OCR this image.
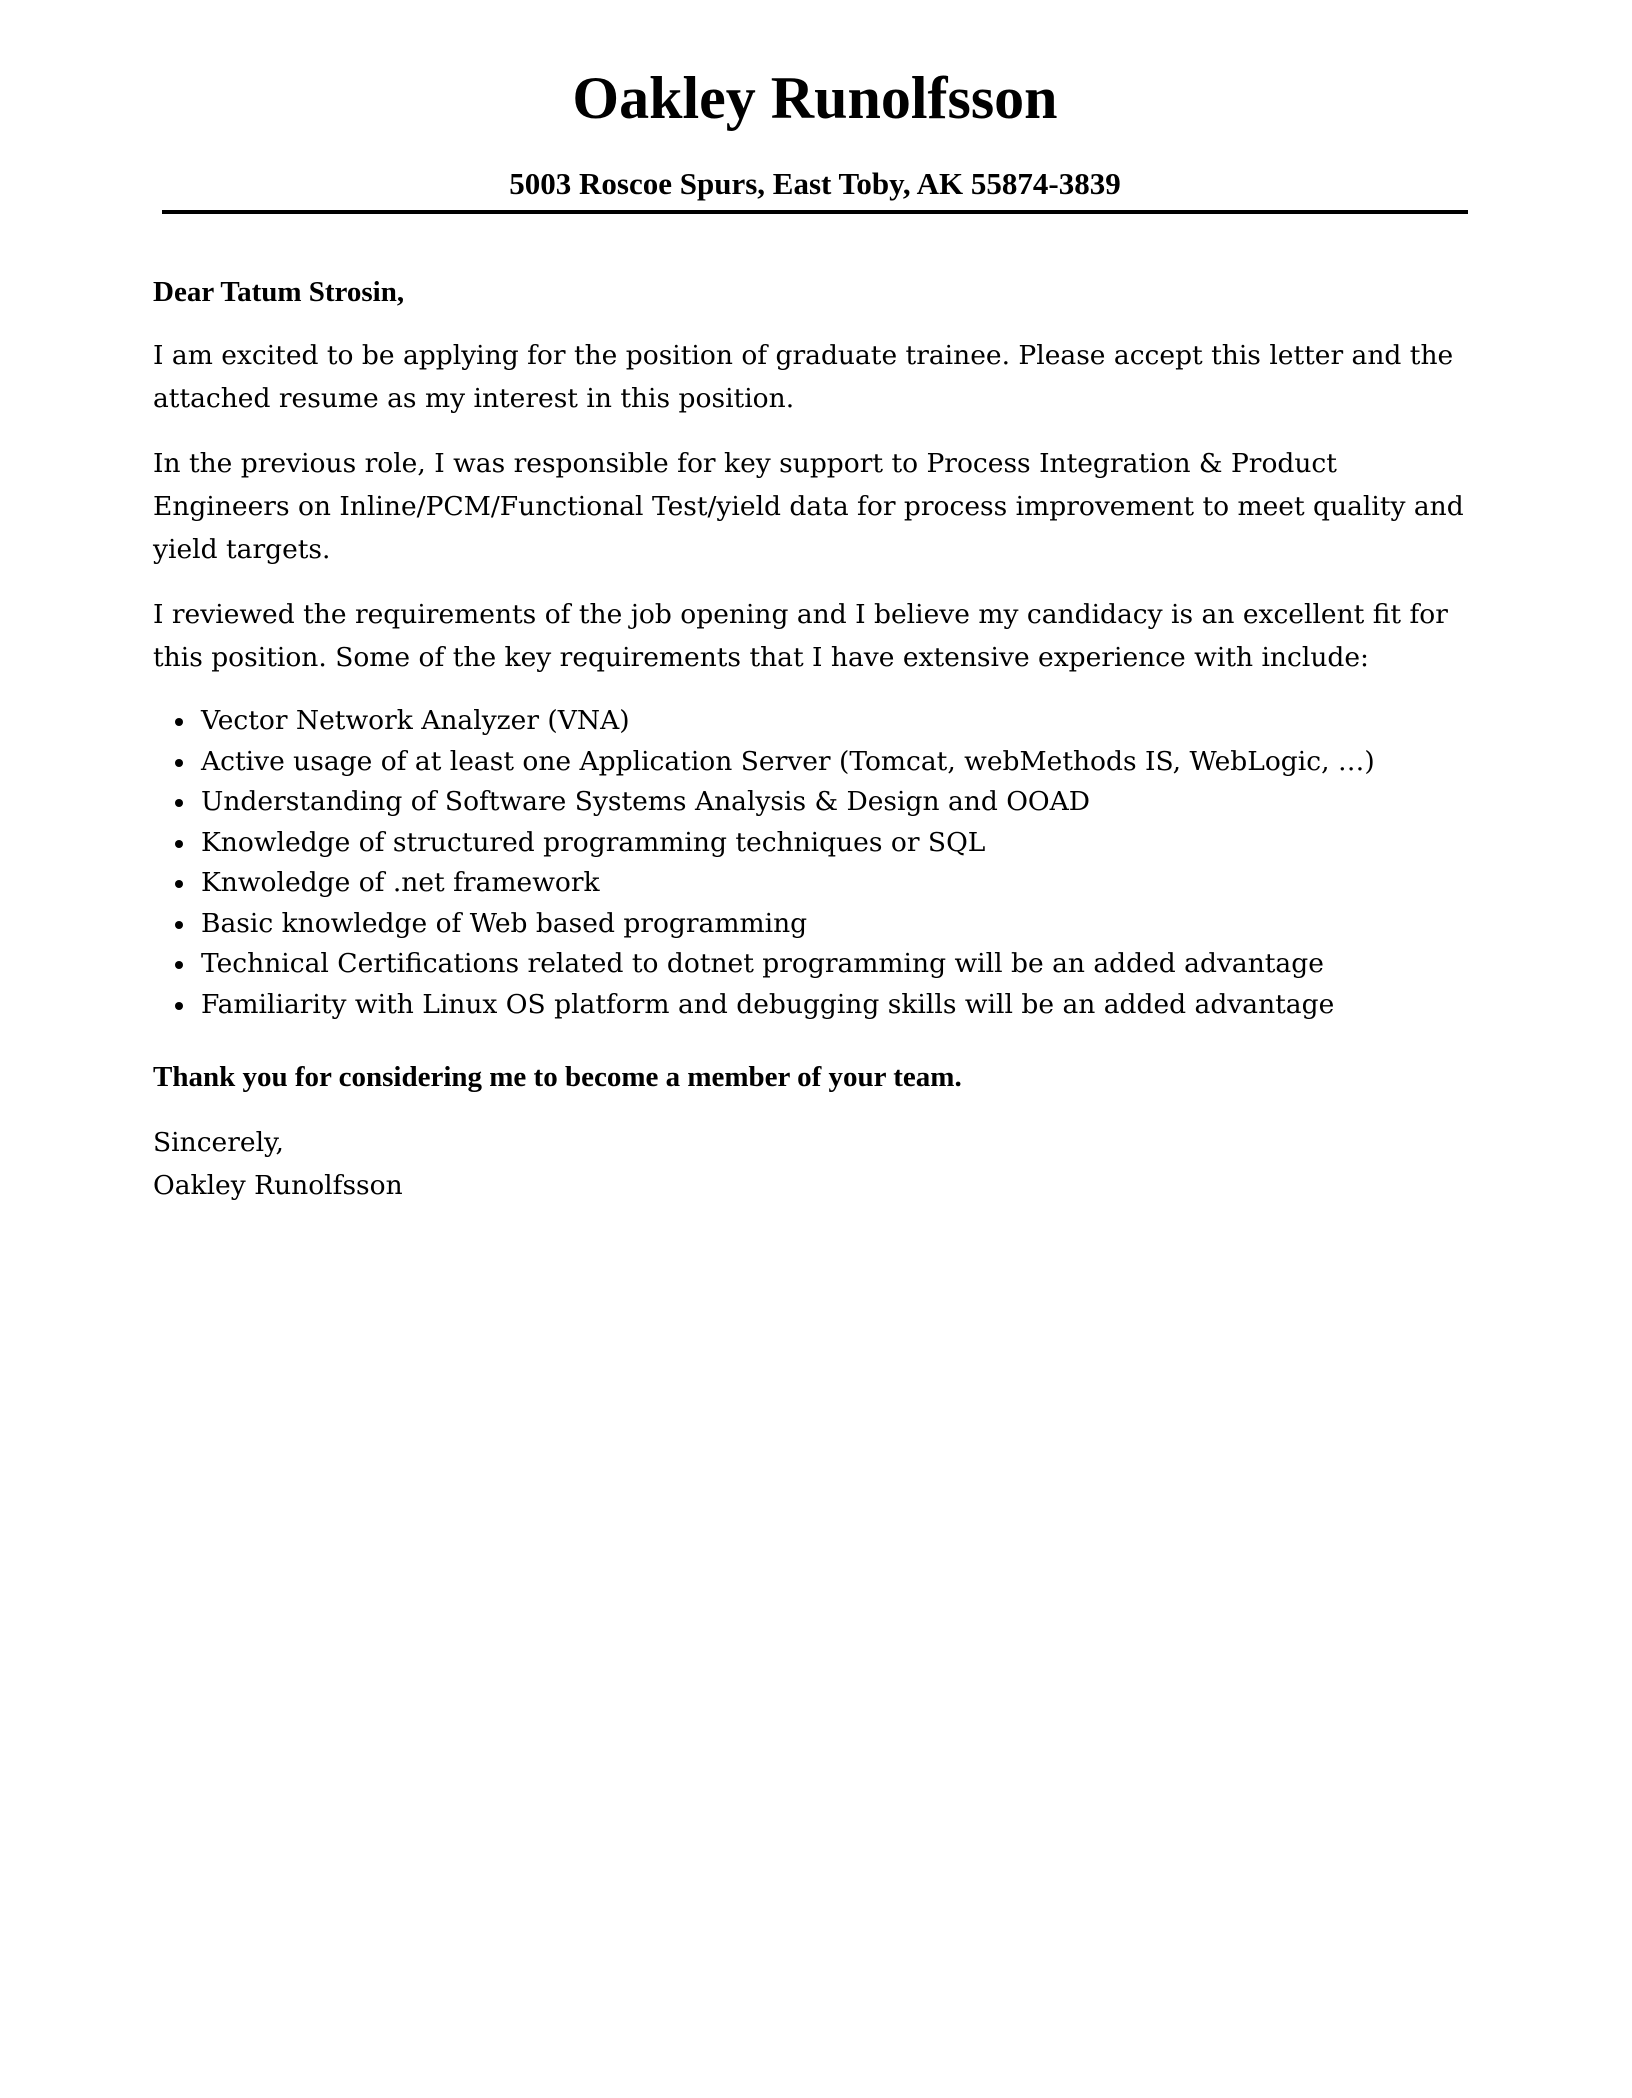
Oakley Runolfsson
5003 Roscoe Spurs, East Toby, AK 55874-3839

Dear Tatum Strosin,

I am excited to be applying for the position of graduate trainee. Please accept this letter and the attached resume as my interest in this position.

In the previous role, I was responsible for key support to Process Integration & Product Engineers on Inline/PCM/Functional Test/yield data for process improvement to meet quality and yield targets.

I reviewed the requirements of the job opening and I believe my candidacy is an excellent fit for this position. Some of the key requirements that I have extensive experience with include:

Vector Network Analyzer (VNA)
Active usage of at least one Application Server (Tomcat, webMethods IS, WebLogic, …)
Understanding of Software Systems Analysis & Design and OOAD
Knowledge of structured programming techniques or SQL
Knwoledge of .net framework
Basic knowledge of Web based programming
Technical Certifications related to dotnet programming will be an added advantage
Familiarity with Linux OS platform and debugging skills will be an added advantage

Thank you for considering me to become a member of your team.

Sincerely,

Oakley Runolfsson
